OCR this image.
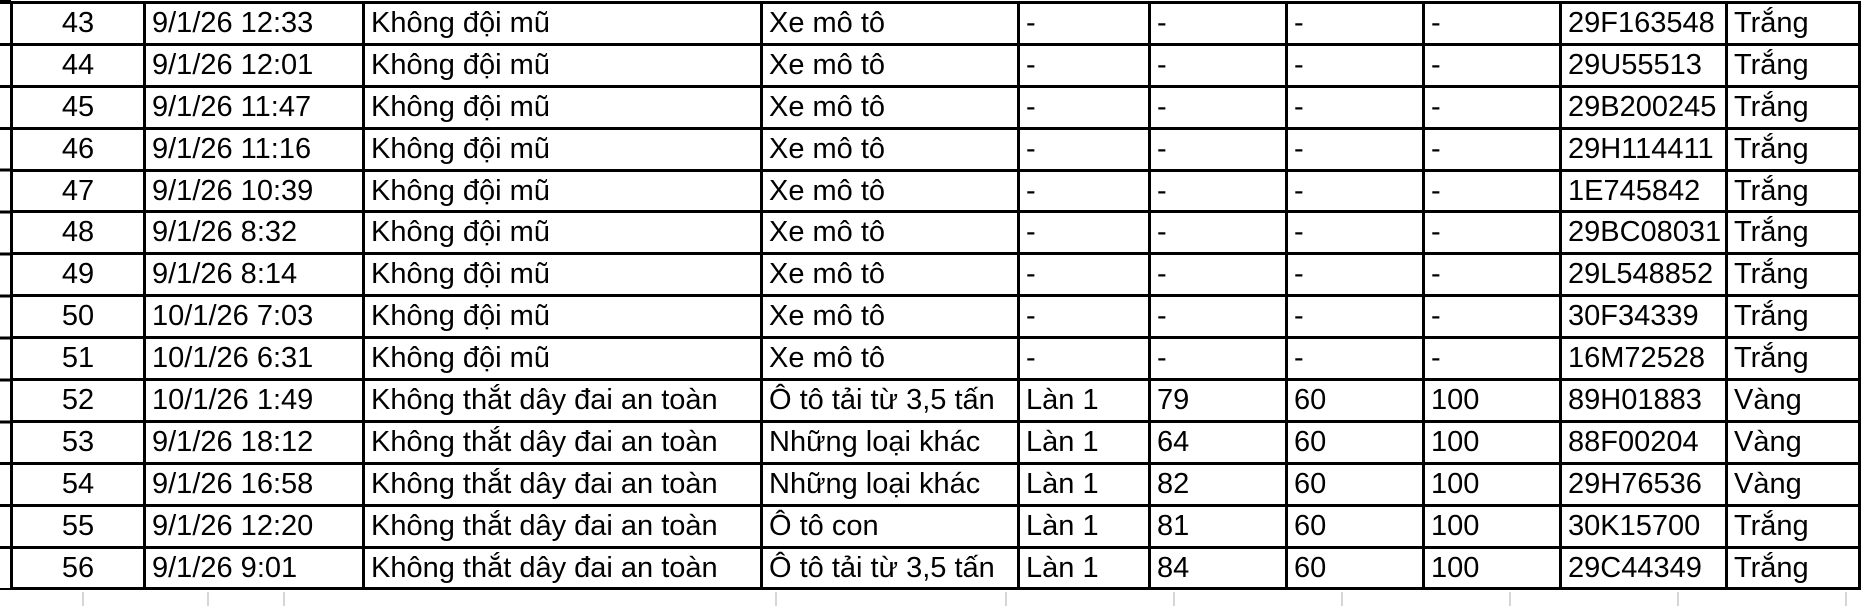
43	9/1/26 12:33	Không đội mũ	Xe mô tô	-	-	-	-	29F163548	Trắng
44	9/1/26 12:01	Không đội mũ	Xe mô tô	-	-	-	-	29U55513	Trắng
45	9/1/26 11:47	Không đội mũ	Xe mô tô	-	-	-	-	29B200245	Trắng
46	9/1/26 11:16	Không đội mũ	Xe mô tô	-	-	-	-	29H114411	Trắng
47	9/1/26 10:39	Không đội mũ	Xe mô tô	-	-	-	-	1E745842	Trắng
48	9/1/26 8:32	Không đội mũ	Xe mô tô	-	-	-	-	29BC08031	Trắng
49	9/1/26 8:14	Không đội mũ	Xe mô tô	-	-	-	-	29L548852	Trắng
50	10/1/26 7:03	Không đội mũ	Xe mô tô	-	-	-	-	30F34339	Trắng
51	10/1/26 6:31	Không đội mũ	Xe mô tô	-	-	-	-	16M72528	Trắng
52	10/1/26 1:49	Không thắt dây đai an toàn	Ô tô tải từ 3,5 tấn	Làn 1	79	60	100	89H01883	Vàng
53	9/1/26 18:12	Không thắt dây đai an toàn	Những loại khác	Làn 1	64	60	100	88F00204	Vàng
54	9/1/26 16:58	Không thắt dây đai an toàn	Những loại khác	Làn 1	82	60	100	29H76536	Vàng
55	9/1/26 12:20	Không thắt dây đai an toàn	Ô tô con	Làn 1	81	60	100	30K15700	Trắng
56	9/1/26 9:01	Không thắt dây đai an toàn	Ô tô tải từ 3,5 tấn	Làn 1	84	60	100	29C44349	Trắng
